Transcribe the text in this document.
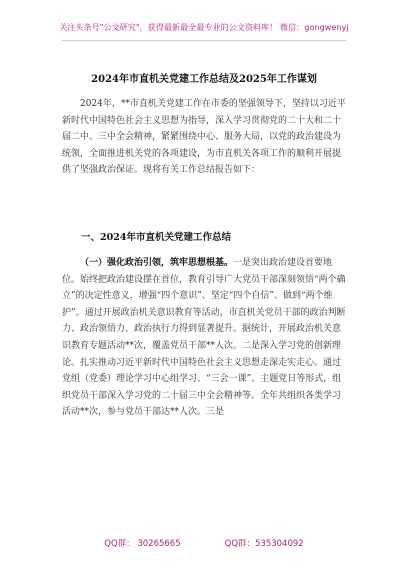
关注头条号"公文研究"，获得最新最全最专业的公文资料库！ 微信：gongwenyj
2024年市直机关党建工作总结及2025年工作谋划
2024年，**市直机关党建工作在市委的坚强领导下，坚持以习近平新时代中国特色社会主义思想为指导，深入学习贯彻党的二十大和二十届二中、三中全会精神，紧紧围绕中心、服务大局，以党的政治建设为统领，全面推进机关党的各项建设，为市直机关各项工作的顺利开展提供了坚强政治保证。现将有关工作总结报告如下：
一、2024年市直机关党建工作总结
（一）强化政治引领，筑牢思想根基。一是突出政治建设首要地位。始终把政治建设摆在首位，教育引导广大党员干部深刻领悟“两个确立”的决定性意义，增强“四个意识”、坚定“四个自信”、做到“两个维护”。通过开展政治机关意识教育等活动，市直机关党员干部的政治判断力、政治领悟力、政治执行力得到显著提升。据统计，开展政治机关意识教育专题活动**次，覆盖党员干部**人次。二是深入学习党的创新理论。扎实推动习近平新时代中国特色社会主义思想走深走实走心。通过党组（党委）理论学习中心组学习、“三会一课”、主题党日等形式，组织党员干部深入学习党的二十届三中全会精神等。全年共组织各类学习活动**次，参与党员干部达**人次。三是
QQ群： 30265665	QQ群：535304092
